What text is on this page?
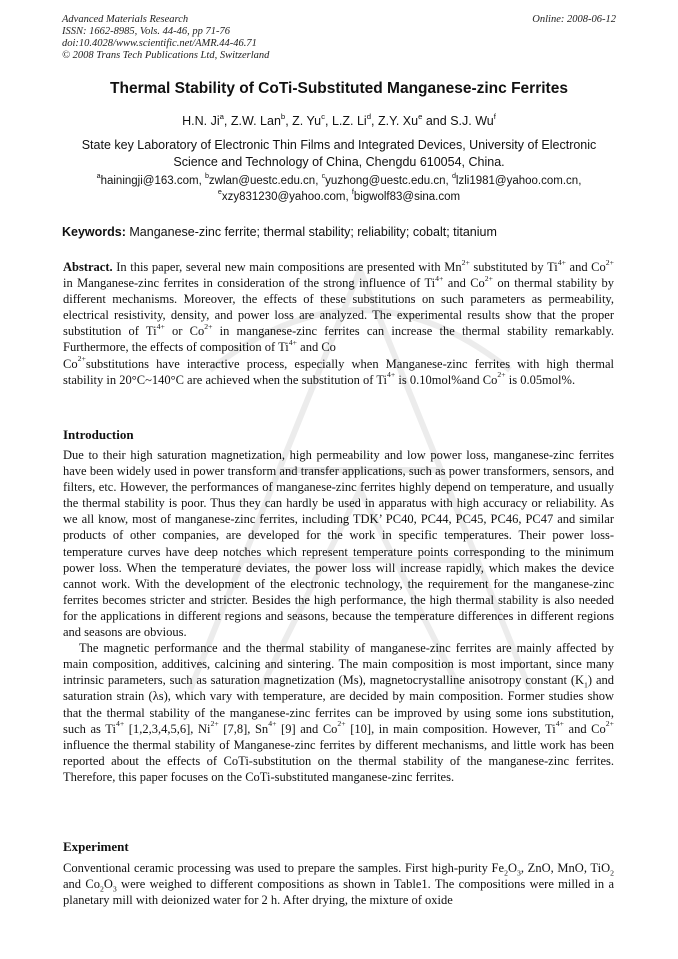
Advanced Materials Research
ISSN: 1662-8985, Vols. 44-46, pp 71-76
doi:10.4028/www.scientific.net/AMR.44-46.71
© 2008 Trans Tech Publications Ltd, Switzerland
Online: 2008-06-12
Thermal Stability of CoTi-Substituted Manganese-zinc Ferrites
H.N. Ji$^a$, Z.W. Lan$^b$, Z. Yu$^c$, L.Z. Li$^d$, Z.Y. Xu$^e$ and S.J. Wu$^f$
State key Laboratory of Electronic Thin Films and Integrated Devices, University of Electronic
Science and Technology of China, Chengdu 610054, China.
$^a$hainingji@163.com, $^b$zwlan@uestc.edu.cn, $^c$yuzhong@uestc.edu.cn, $^d$lzli1981@yahoo.com.cn,
$^e$xzy831230@yahoo.com, $^f$bigwolf83@sina.com
Keywords: Manganese-zinc ferrite; thermal stability; reliability; cobalt; titanium
Abstract. In this paper, several new main compositions are presented with $Mn^{2+}$ substituted by $Ti^{4+}$ and $Co^{2+}$ in Manganese-zinc ferrites in consideration of the strong influence of $Ti^{4+}$ and $Co^{2+}$ on thermal stability by different mechanisms. Moreover, the effects of these substitutions on such parameters as permeability, electrical resistivity, density, and power loss are analyzed. The experimental results show that the proper substitution of $Ti^{4+}$ or $Co^{2+}$ in manganese-zinc ferrites can increase the thermal stability remarkably. Furthermore, the effects of composition of $Ti^{4+}$ and Co
$Co^{2+}substitutions$ have interactive process, especially when Manganese-zinc ferrites with high thermal stability in 20°C~140°C are achieved when the substitution of $Ti^{4+}$ is 0.10mol%and $Co^{2+}$ is 0.05mol%.
Introduction

Due to their high saturation magnetization, high permeability and low power loss, manganese-zinc ferrites have been widely used in power transform and transfer applications, such as power transformers, sensors, and filters, etc. However, the performances of manganese-zinc ferrites highly depend on temperature, and usually the thermal stability is poor. Thus they can hardly be used in apparatus with high accuracy or reliability. As we all know, most of manganese-zinc ferrites, including TDK’ PC40, PC44, PC45, PC46, PC47 and similar products of other companies, are developed for the work in specific temperatures. Their power loss-temperature curves have deep notches which represent temperature points corresponding to the minimum power loss. When the temperature deviates, the power loss will increase rapidly, which makes the device cannot work. With the development of the electronic technology, the requirement for the manganese-zinc ferrites becomes stricter and stricter. Besides the high performance, the high thermal stability is also needed for the applications in different regions and seasons, because the temperature differences in different regions and seasons are obvious.

The magnetic performance and the thermal stability of manganese-zinc ferrites are mainly affected by main composition, additives, calcining and sintering. The main composition is most important, since many intrinsic parameters, such as saturation magnetization (Ms), magnetocrystalline anisotropy constant $(K_1)$ and saturation strain (λs), which vary with temperature, are decided by main composition. Former studies show that the thermal stability of the manganese-zinc ferrites can be improved by using some ions substitution, such as $Ti^{4+}$ [1,2,3,4,5,6], $Ni^{2+}$ [7,8], $Sn^{4+}$ [9] and $Co^{2+}$ [10], in main composition. However, $Ti^{4+}$ and $Co^{2+}$ influence the thermal stability of Manganese-zinc ferrites by different mechanisms, and little work has been reported about the effects of CoTi-substitution on the thermal stability of the manganese-zinc ferrites. Therefore, this paper focuses on the CoTi-substituted manganese-zinc ferrites.

Experiment

Conventional ceramic processing was used to prepare the samples. First high-purity $Fe_2O_3$, ZnO, MnO, TiO$_2$ and $Co_2O_3$ were weighed to different compositions as shown in Table1. The compositions were milled in a planetary mill with deionized water for 2 h. After drying, the mixture of oxide
